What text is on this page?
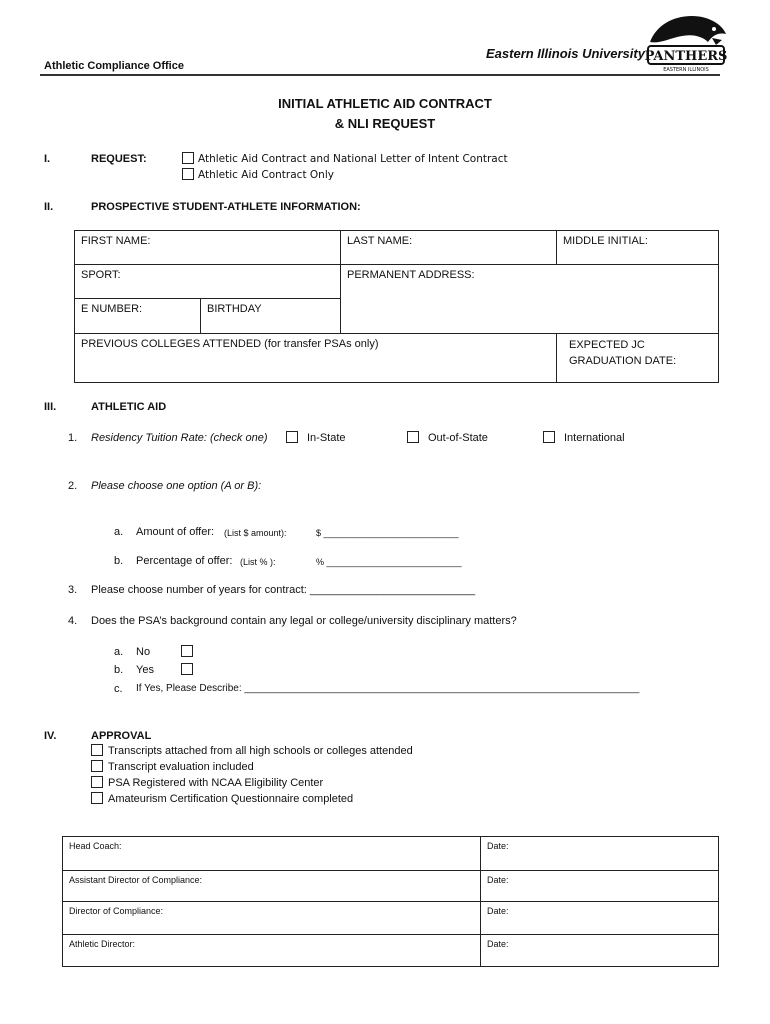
Athletic Compliance Office
Eastern Illinois University PANTHERS
EASTERN ILLINOIS
INITIAL ATHLETIC AID CONTRACT
& NLI REQUEST
I.	REQUEST:	Athletic Aid Contract and National Letter of Intent Contract
Athletic Aid Contract Only
II.	PROSPECTIVE STUDENT-ATHLETE INFORMATION:
FIRST NAME:	LAST NAME:	MIDDLE INITIAL:
SPORT:	PERMANENT ADDRESS:
E NUMBER:	BIRTHDAY
PREVIOUS COLLEGES ATTENDED (for transfer PSAs only)	EXPECTED JC
GRADUATION DATE:
III.	ATHLETIC AID
1. Residency Tuition Rate: (check one)	In-State	Out-of-State	International
2. Please choose one option (A or B):
a. Amount of offer: (List $ amount):	$ ___________________________
b. Percentage of offer: (List % ):	% ___________________________
3. Please choose number of years for contract: ___________________________
4. Does the PSA’s background contain any legal or college/university disciplinary matters?
a. No
b. Yes
c. If Yes, Please Describe: _______________________________________________________________________
IV.	APPROVAL
Transcripts attached from all high schools or colleges attended
Transcript evaluation included
PSA Registered with NCAA Eligibility Center
Amateurism Certification Questionnaire completed
Head Coach:	Date:
Assistant Director of Compliance:	Date:
Director of Compliance:	Date:
Athletic Director:	Date:
